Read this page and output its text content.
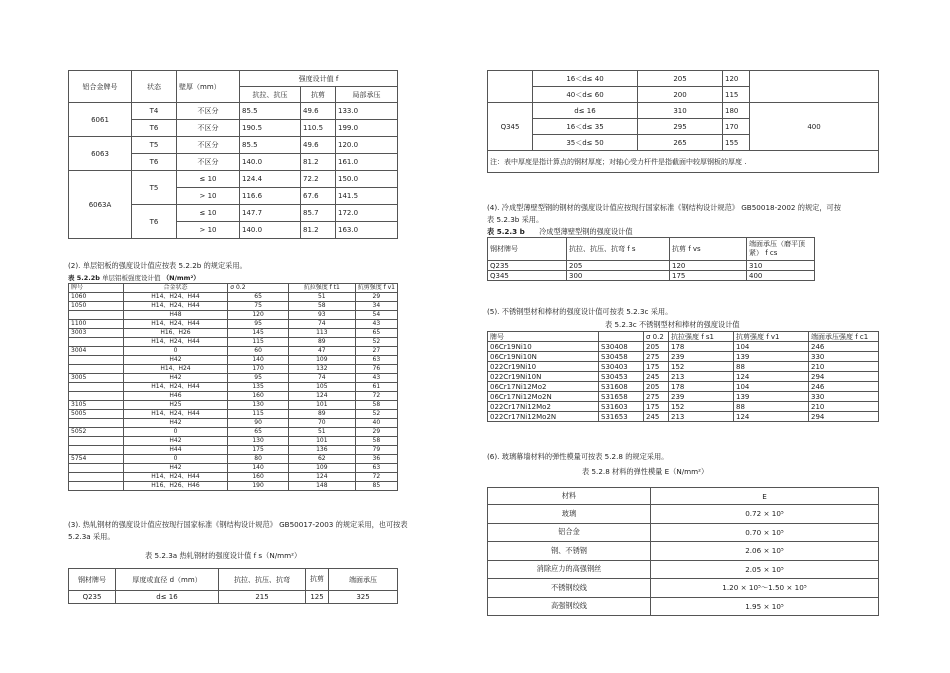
铝合金牌号	状态	壁厚（mm）	强度设计值 f		
			抗拉、抗压	抗剪	局部承压
6061	T4	不区分	85.5	49.6	133.0
	T6	不区分	190.5	110.5	199.0
6063	T5	不区分	85.5	49.6	120.0
	T6	不区分	140.0	81.2	161.0
6063A	T5	≤ 10	124.4	72.2	150.0
		> 10	116.6	67.6	141.5
	T6	≤ 10	147.7	85.7	172.0
		> 10	140.0	81.2	163.0
(2). 单层铝板的强度设计值应按表 5.2.2b 的规定采用。
表 5.2.2b 单层铝板强度设计值 （N/mm²）
牌号	合金状态	σ 0.2	抗拉强度 f t1	抗剪强度 f v1
1060	H14、H24、H44	65	51	29
1050	H14、H24、H44	75	58	34
	H48	120	93	54
1100	H14、H24、H44	95	74	43
3003	H16、H26	145	113	65
	H14、H24、H44	115	89	52
3004	0	60	47	27
	H42	140	109	63
	H14、H24	170	132	76
3005	H42	95	74	43
	H14、H24、H44	135	105	61
	H46	160	124	72
3105	H25	130	101	58
5005	H14、H24、H44	115	89	52
	H42	90	70	40
5052	0	65	51	29
	H42	130	101	58
	H44	175	136	79
5754	0	80	62	36
	H42	140	109	63
	H14、H24、H44	160	124	72
	H16、H26、H46	190	148	85
(3). 热轧钢材的强度设计值应按现行国家标准《钢结构设计规范》 GB50017-2003 的规定采用，也可按表
5.2.3a 采用。
表 5.2.3a 热轧钢材的强度设计值 f s（N/mm²）
钢材牌号	厚度或直径 d（mm）	抗拉、抗压、抗弯	抗剪	端面承压
Q235	d≤ 16	215	125	325
	16＜d≤ 40	205	120	
	40＜d≤ 60	200	115	
Q345	d≤ 16	310	180	400
	16＜d≤ 35	295	170	
	35＜d≤ 50	265	155	
注：表中厚度是指计算点的钢材厚度；对轴心受力杆件是指截面中较厚钢板的厚度 .				
(4). 冷成型薄壁型钢的钢材的强度设计值应按现行国家标准《钢结构设计规范》 GB50018-2002 的规定，可按
表 5.2.3b 采用。
表 5.2.3 b 冷成型薄壁型钢的强度设计值
钢材牌号	抗拉、抗压、抗弯 f s	抗剪 f vs	端面承压（磨平顶紧） f cs
Q235	205	120	310
Q345	300	175	400
(5). 不锈钢型材和棒材的强度设计值可按表 5.2.3c 采用。
表 5.2.3c 不锈钢型材和棒材的强度设计值
牌号		σ 0.2	抗拉强度 f s1	抗剪强度 f v1	端面承压强度 f c1
06Cr19Ni10	S30408	205	178	104	246
06Cr19Ni10N	S30458	275	239	139	330
022Cr19Ni10	S30403	175	152	88	210
022Cr19Ni10N	S30453	245	213	124	294
06Cr17Ni12Mo2	S31608	205	178	104	246
06Cr17Ni12Mo2N	S31658	275	239	139	330
022Cr17Ni12Mo2	S31603	175	152	88	210
022Cr17Ni12Mo2N	S31653	245	213	124	294
(6). 玻璃幕墙材料的弹性模量可按表 5.2.8 的规定采用。
表 5.2.8 材料的弹性模量 E（N/mm²）
材料	E
玻璃	0.72 × 10⁵
铝合金	0.70 × 10⁵
钢、不锈钢	2.06 × 10⁵
消除应力的高强钢丝	2.05 × 10⁵
不锈钢绞线	1.20 × 10⁵～1.50 × 10⁵
高强钢绞线	1.95 × 10⁵
